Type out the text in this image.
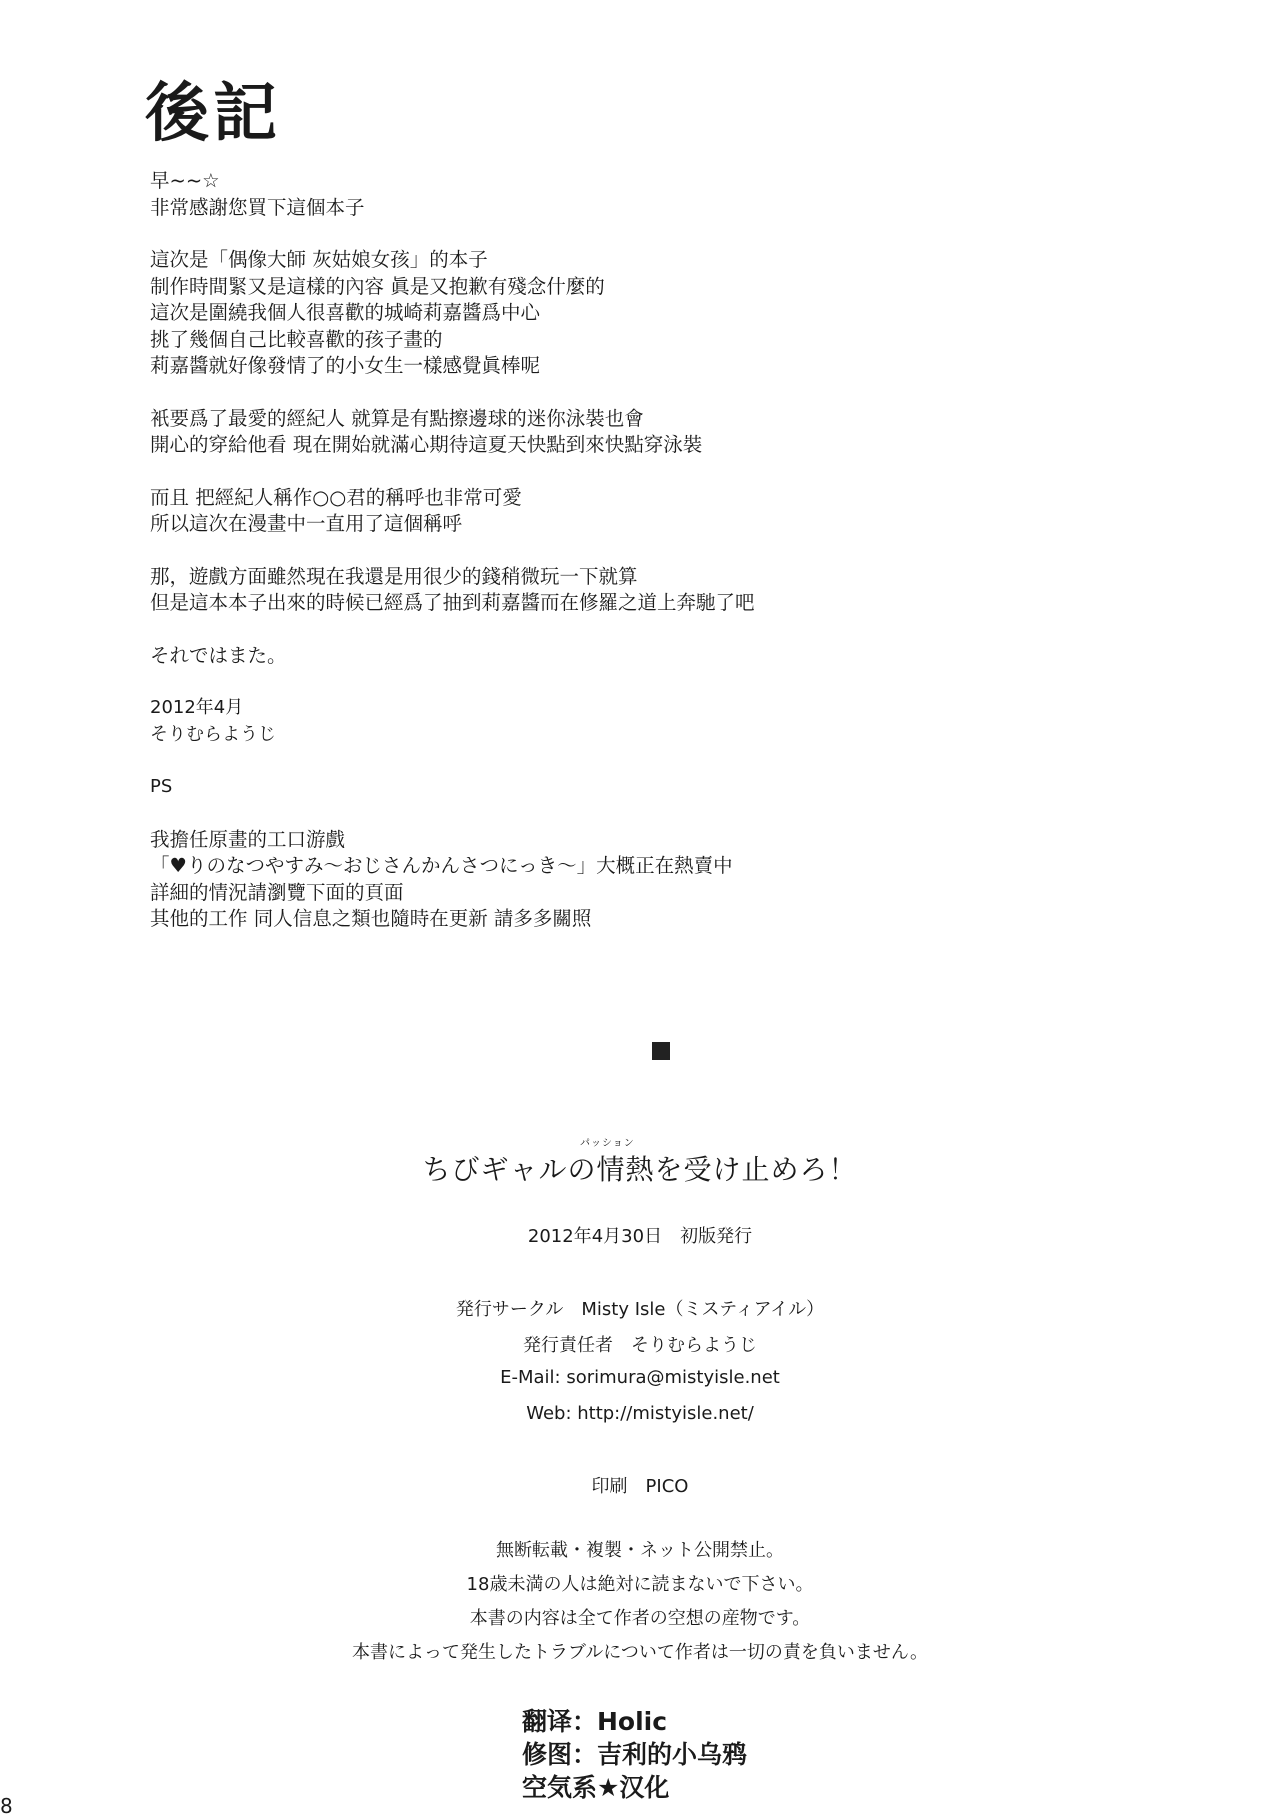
後記
早~~☆
非常感謝您買下這個本子
這次是「偶像大師 灰姑娘女孩」的本子
制作時間緊又是這樣的內容 眞是又抱歉有殘念什麼的
這次是圍繞我個人很喜歡的城崎莉嘉醬爲中心
挑了幾個自己比較喜歡的孩子畫的
莉嘉醬就好像發情了的小女生一樣感覺眞棒呢
衹要爲了最愛的經紀人 就算是有點擦邊球的迷你泳裝也會
開心的穿給他看 現在開始就滿心期待這夏天快點到來快點穿泳裝
而且 把經紀人稱作○○君的稱呼也非常可愛
所以這次在漫畫中一直用了這個稱呼
那，遊戲方面雖然現在我還是用很少的錢稍微玩一下就算
但是這本本子出來的時候已經爲了抽到莉嘉醬而在修羅之道上奔馳了吧
それではまた。
2012年4月
そりむらようじ
PS
我擔任原畫的工口游戲
「♥りのなつやすみ～おじさんかんさつにっき～」大概正在熱賣中
詳細的情況請瀏覽下面的頁面
其他的工作 同人信息之類也隨時在更新 請多多關照
パッション
ちびギャルの情熱を受け止めろ！
2012年4月30日　初版発行
発行サークル　Misty Isle（ミスティアイル）
発行責任者　そりむらようじ
E-Mail: sorimura@mistyisle.net
Web: http://mistyisle.net/
印刷　PICO
無断転載・複製・ネット公開禁止。
18歳未満の人は絶対に読まないで下さい。
本書の内容は全て作者の空想の産物です。
本書によって発生したトラブルについて作者は一切の責を負いません。
翻译：Holic
修图：吉利的小乌鸦
空気系★汉化
8
